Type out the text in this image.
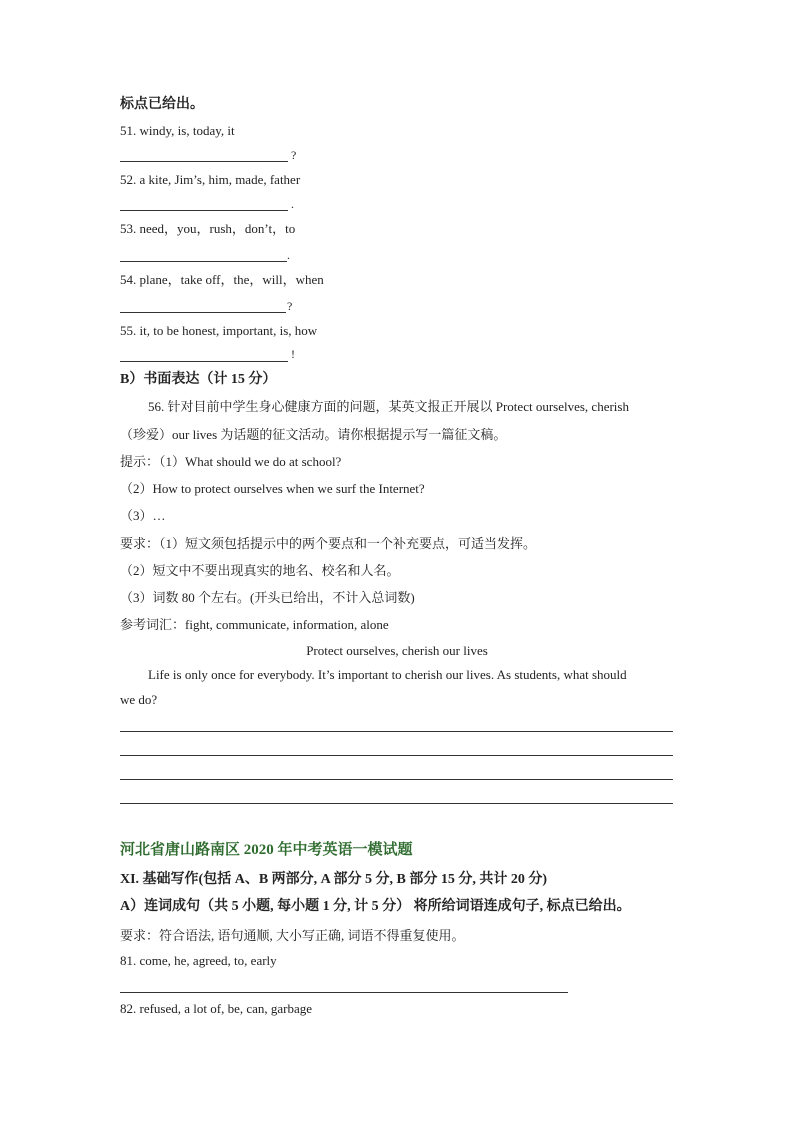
标点已给出。
51. windy, is, today, it
?
52. a kite, Jim’s, him, made, father
.
53. need，you，rush，don’t，to
.
54. plane，take off，the，will，when
?
55. it, to be honest, important, is, how
!
B）书面表达（计 15 分）
56. 针对目前中学生身心健康方面的问题，某英文报正开展以 Protect ourselves, cherish
（珍爱）our lives 为话题的征文活动。请你根据提示写一篇征文稿。
提示：（1）What should we do at school?
（2）How to protect ourselves when we surf the Internet?
（3）…
要求：（1）短文须包括提示中的两个要点和一个补充要点，可适当发挥。
（2）短文中不要出现真实的地名、校名和人名。
（3）词数 80 个左右。(开头已给出，不计入总词数)
参考词汇：fight, communicate, information, alone
Protect ourselves, cherish our lives
Life is only once for everybody. It’s important to cherish our lives. As students, what should
we do?
河北省唐山路南区 2020 年中考英语一模试题
XI. 基础写作(包括 A、B 两部分, A 部分 5 分, B 部分 15 分, 共计 20 分)
A）连词成句（共 5 小题, 每小题 1 分, 计 5 分） 将所给词语连成句子, 标点已给出。
要求：符合语法, 语句通顺, 大小写正确, 词语不得重复使用。
81. come, he, agreed, to, early
82. refused, a lot of, be, can, garbage
